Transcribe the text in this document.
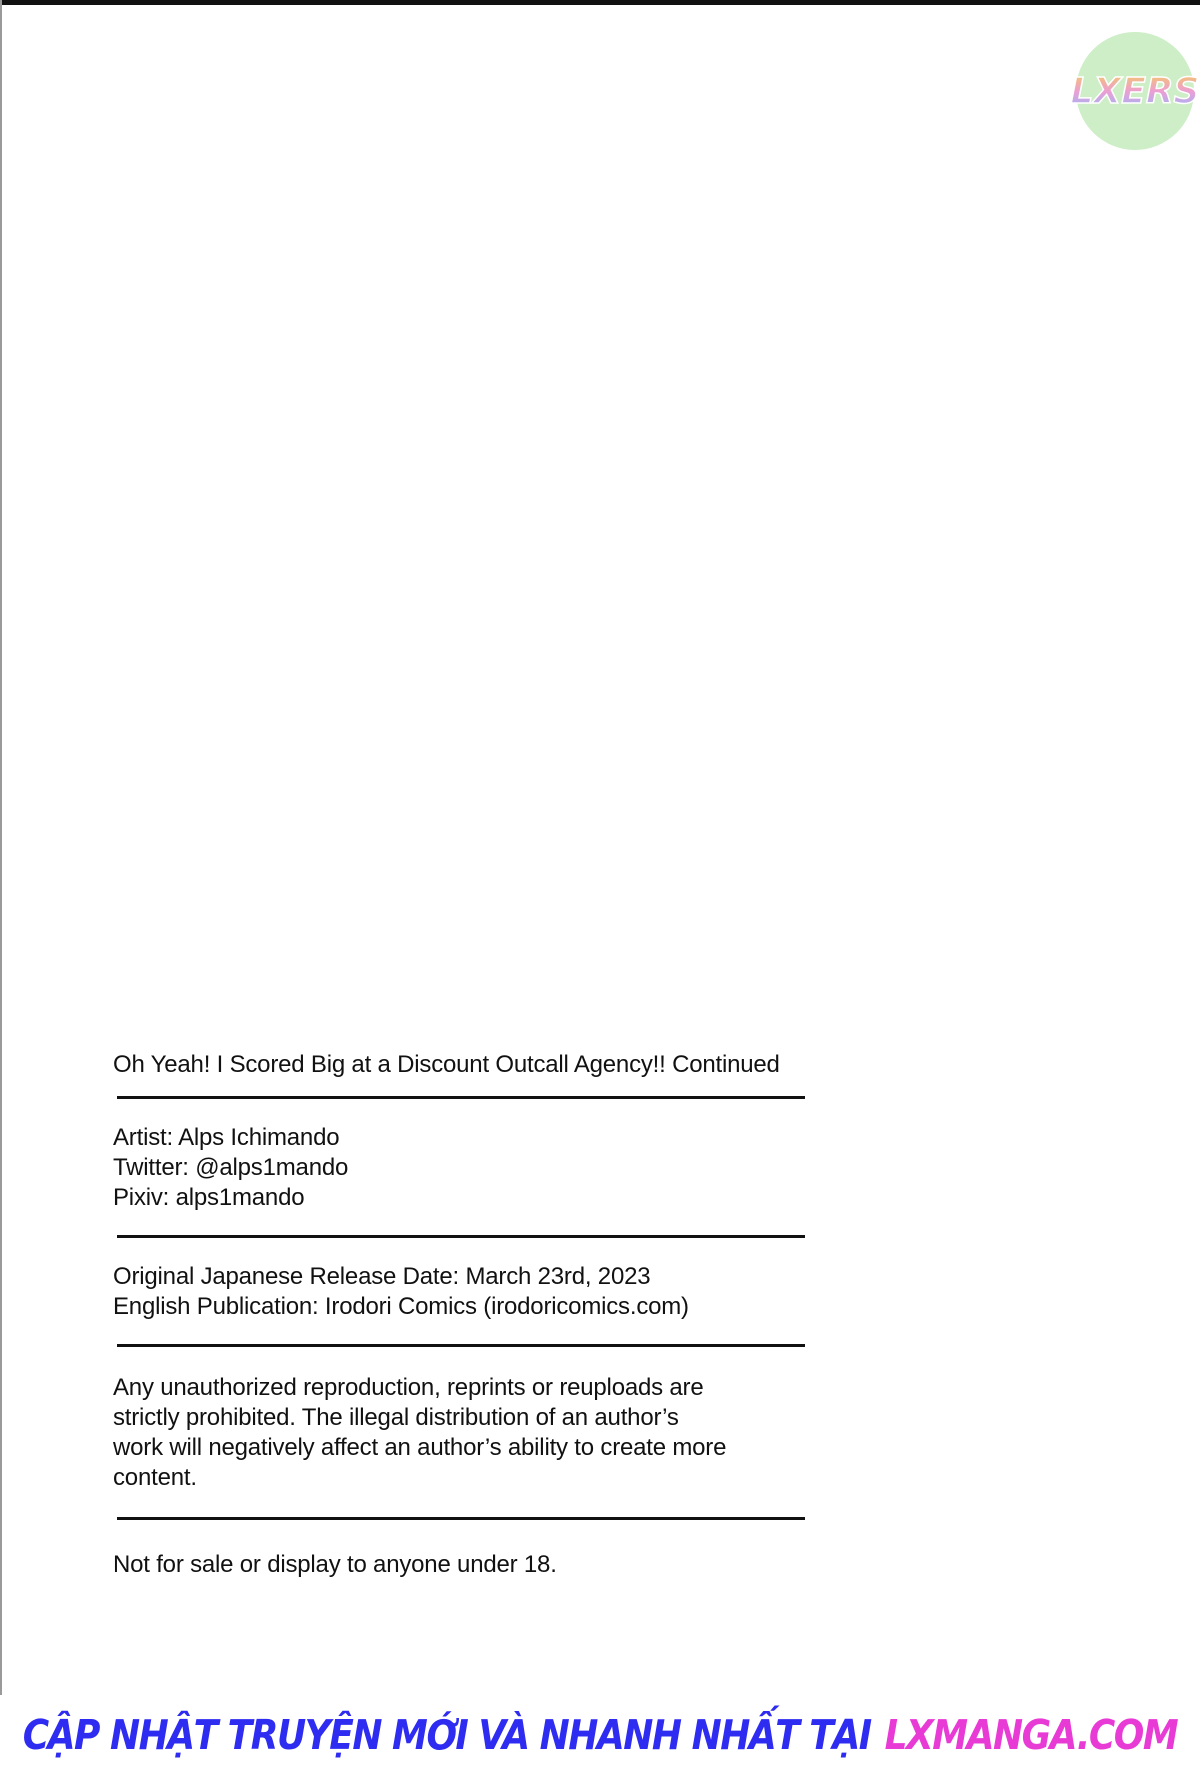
LXERS

Oh Yeah! I Scored Big at a Discount Outcall Agency!! Continued

Artist: Alps Ichimando

Twitter: @alps1mando

Pixiv: alps1mando

Original Japanese Release Date: March 23rd, 2023

English Publication: Irodori Comics (irodoricomics.com)

Any unauthorized reproduction, reprints or reuploads are

strictly prohibited. The illegal distribution of an author’s

work will negatively affect an author’s ability to create more

content.

Not for sale or display to anyone under 18.

CẬP NHẬT TRUYỆN MỚI VÀ NHANH NHẤT TẠI LXMANGA.COM
